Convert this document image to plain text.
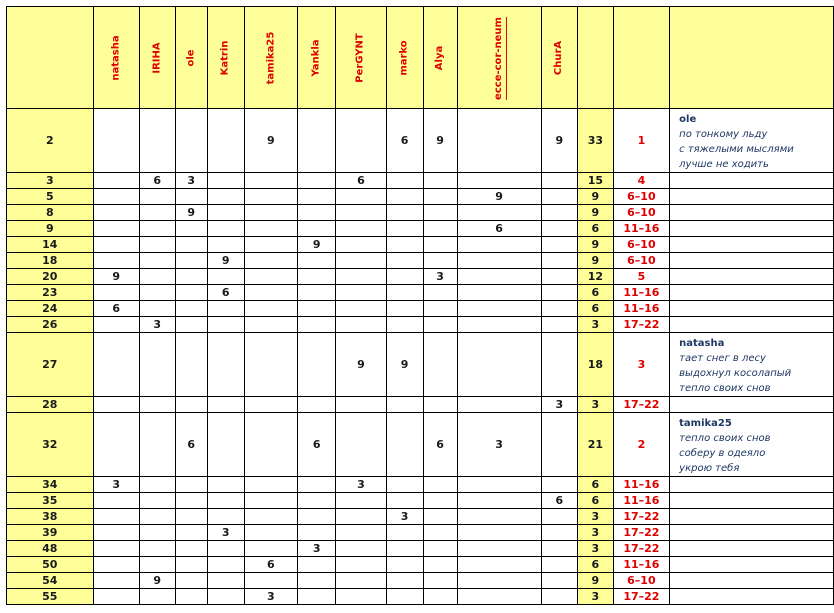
	natasha	IRIHA	ole	Katrin	tamika25	Yankla	PerGYNT	marko	Alya	ecce-cor-neum	ChurA			
2					9			6	9		9	33	1	ole
по тонкому льду
с тяжелыми мыслями
лучше не ходить

3		6	3				6					15	4	
5										9		9	6–10	
8			9									9	6–10	
9										6		6	11–16	
14						9						9	6–10	
18				9								9	6–10	
20	9								3			12	5	
23				6								6	11–16	
24	6											6	11–16	
26		3										3	17–22	
27							9	9				18	3	natasha
тает снег в лесу
выдохнул косолапый
тепло своих снов

28											3	3	17–22	
32			6			6			6	3		21	2	tamika25
тепло своих снов
соберу в одеяло
укрою тебя

34	3						3					6	11–16	
35											6	6	11–16	
38								3				3	17–22	
39				3								3	17–22	
48						3						3	17–22	
50					6							6	11–16	
54		9										9	6–10	
55					3							3	17–22	
